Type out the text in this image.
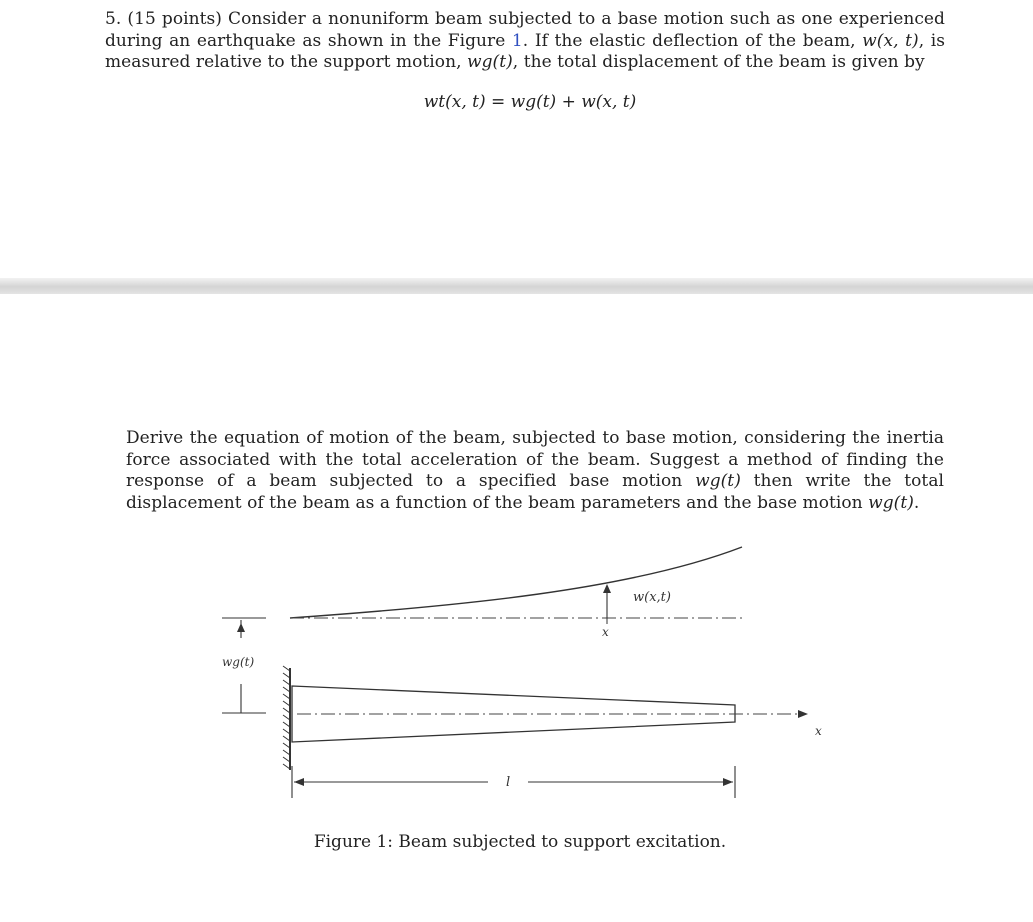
5. (15 points) Consider a nonuniform beam subjected to a base motion such as one experienced during an earthquake as shown in the Figure 1. If the elastic deflection of the beam, w(x, t), is measured relative to the support motion, wg(t), the total displacement of the beam is given by

wt(x, t) = wg(t) + w(x, t)

Derive the equation of motion of the beam, subjected to base motion, considering the inertia force associated with the total acceleration of the beam. Suggest a method of finding the response of a beam subjected to a specified base motion wg(t) then write the total displacement of the beam as a function of the beam parameters and the base motion wg(t).

w(x,t)
x
wg(t)
x
l
Figure 1: Beam subjected to support excitation.
